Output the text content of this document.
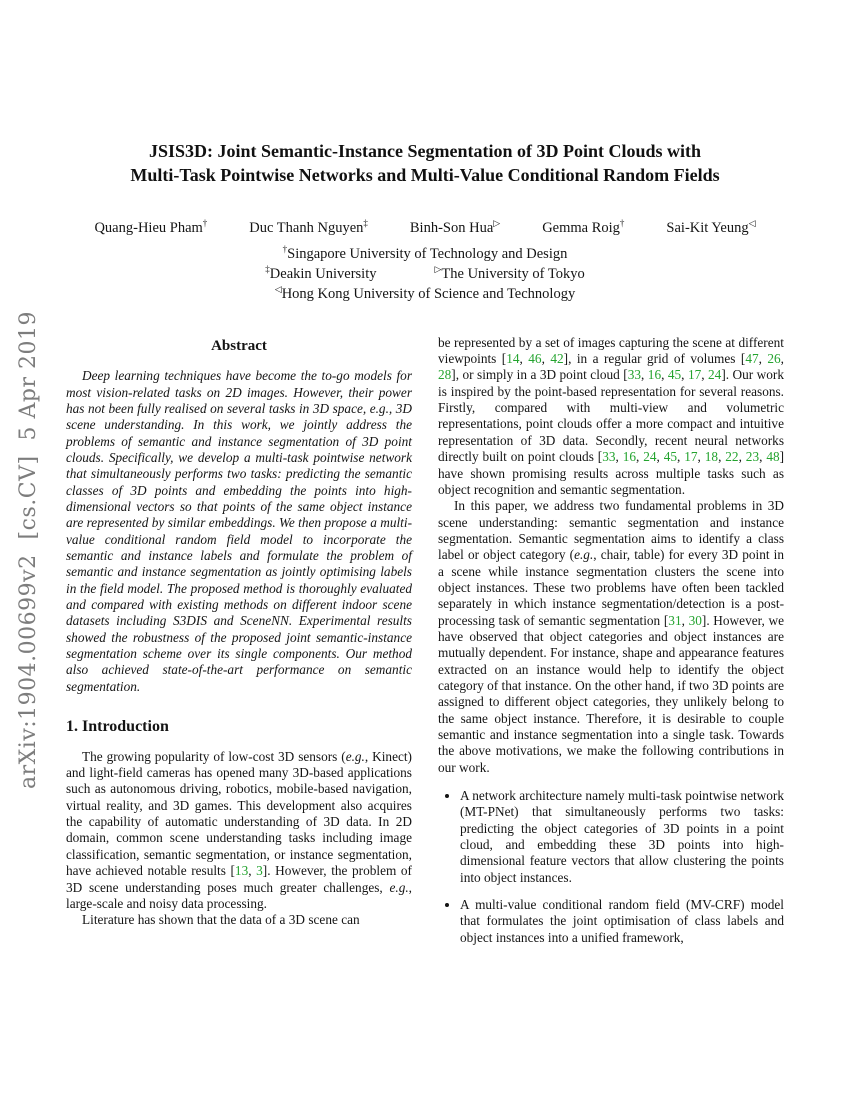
arXiv:1904.00699v2  [cs.CV]  5 Apr 2019
JSIS3D: Joint Semantic-Instance Segmentation of 3D Point Clouds with
Multi-Task Pointwise Networks and Multi-Value Conditional Random Fields
Quang-Hieu Pham†	Duc Thanh Nguyen‡	Binh-Son Hua▷	Gemma Roig†	Sai-Kit Yeung◁
†Singapore University of Technology and Design
‡Deakin University    	▷The University of Tokyo
◁Hong Kong University of Science and Technology
Abstract

Deep learning techniques have become the to-go models for most vision-related tasks on 2D images. However, their power has not been fully realised on several tasks in 3D space, e.g., 3D scene understanding. In this work, we jointly address the problems of semantic and instance segmentation of 3D point clouds. Specifically, we develop a multi-task pointwise network that simultaneously performs two tasks: predicting the semantic classes of 3D points and embedding the points into high-dimensional vectors so that points of the same object instance are represented by similar embeddings. We then propose a multi-value conditional random field model to incorporate the semantic and instance labels and formulate the problem of semantic and instance segmentation as jointly optimising labels in the field model. The proposed method is thoroughly evaluated and compared with existing methods on different indoor scene datasets including S3DIS and SceneNN. Experimental results showed the robustness of the proposed joint semantic-instance segmentation scheme over its single components. Our method also achieved state-of-the-art performance on semantic segmentation.

1. Introduction

The growing popularity of low-cost 3D sensors (e.g., Kinect) and light-field cameras has opened many 3D-based applications such as autonomous driving, robotics, mobile-based navigation, virtual reality, and 3D games. This development also acquires the capability of automatic understanding of 3D data. In 2D domain, common scene understanding tasks including image classification, semantic segmentation, or instance segmentation, have achieved notable results [13, 3]. However, the problem of 3D scene understanding poses much greater challenges, e.g., large-scale and noisy data processing.

Literature has shown that the data of a 3D scene can

be represented by a set of images capturing the scene at different viewpoints [14, 46, 42], in a regular grid of volumes [47, 26, 28], or simply in a 3D point cloud [33, 16, 45, 17, 24]. Our work is inspired by the point-based representation for several reasons. Firstly, compared with multi-view and volumetric representations, point clouds offer a more compact and intuitive representation of 3D data. Secondly, recent neural networks directly built on point clouds [33, 16, 24, 45, 17, 18, 22, 23, 48] have shown promising results across multiple tasks such as object recognition and semantic segmentation.

In this paper, we address two fundamental problems in 3D scene understanding: semantic segmentation and instance segmentation. Semantic segmentation aims to identify a class label or object category (e.g., chair, table) for every 3D point in a scene while instance segmentation clusters the scene into object instances. These two problems have often been tackled separately in which instance segmentation/detection is a post-processing task of semantic segmentation [31, 30]. However, we have observed that object categories and object instances are mutually dependent. For instance, shape and appearance features extracted on an instance would help to identify the object category of that instance. On the other hand, if two 3D points are assigned to different object categories, they unlikely belong to the same object instance. Therefore, it is desirable to couple semantic and instance segmentation into a single task. Towards the above motivations, we make the following contributions in our work.

• A network architecture namely multi-task pointwise network (MT-PNet) that simultaneously performs two tasks: predicting the object categories of 3D points in a point cloud, and embedding these 3D points into high-dimensional feature vectors that allow clustering the points into object instances.
• A multi-value conditional random field (MV-CRF) model that formulates the joint optimisation of class labels and object instances into a unified framework,
